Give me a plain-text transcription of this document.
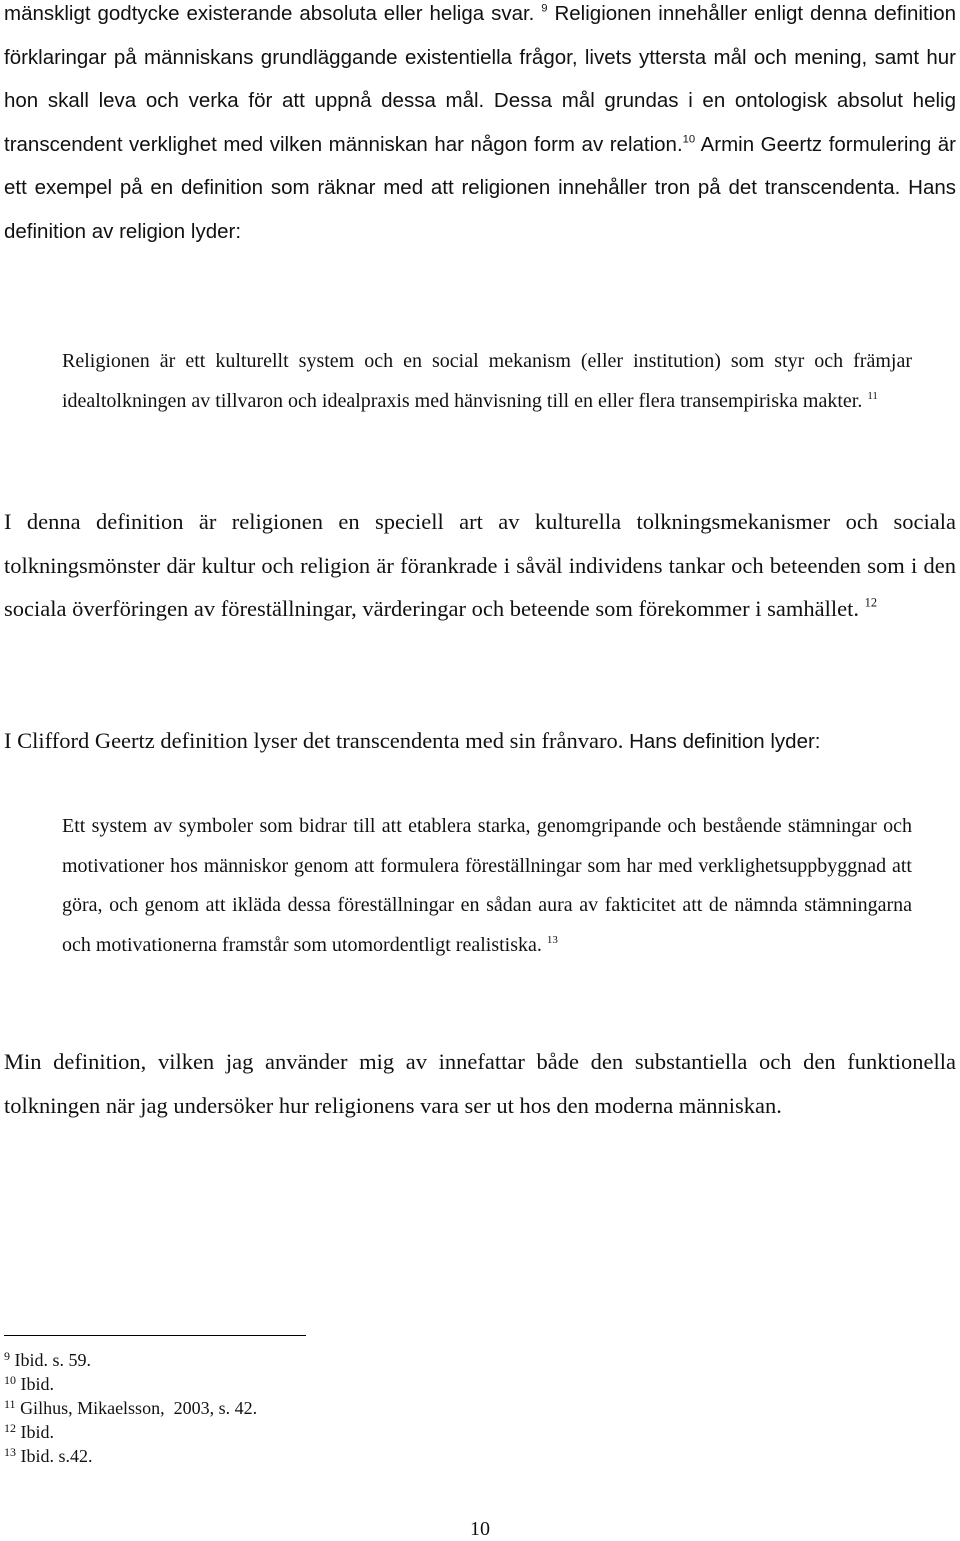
mänskligt godtycke existerande absoluta eller heliga svar. $^9$ Religionen innehåller enligt denna definition förklaringar på människans grundläggande existentiella frågor, livets yttersta mål och mening, samt hur hon skall leva och verka för att uppnå dessa mål. Dessa mål grundas i en ontologisk absolut helig transcendent verklighet med vilken människan har någon form av relation.$^{10}$ Armin Geertz formulering är ett exempel på en definition som räknar med att religionen innehåller tron på det transcendenta. Hans definition av religion lyder:

Religionen är ett kulturellt system och en social mekanism (eller institution) som styr och främjar idealtolkningen av tillvaron och idealpraxis med hänvisning till en eller flera transempiriska makter. $^{11}$

I denna definition är religionen en speciell art av kulturella tolkningsmekanismer och sociala tolkningsmönster där kultur och religion är förankrade i såväl individens tankar och beteenden som i den sociala överföringen av föreställningar, värderingar och beteende som förekommer i samhället. $^{12}$

I Clifford Geertz definition lyser det transcendenta med sin frånvaro. Hans definition lyder:

Ett system av symboler som bidrar till att etablera starka, genomgripande och bestående stämningar och motivationer hos människor genom att formulera föreställningar som har med verklighetsuppbyggnad att göra, och genom att ikläda dessa föreställningar en sådan aura av fakticitet att de nämnda stämningarna och motivationerna framstår som utomordentligt realistiska. $^{13}$

Min definition, vilken jag använder mig av innefattar både den substantiella och den funktionella tolkningen när jag undersöker hur religionens vara ser ut hos den moderna människan.

$^9$ Ibid. s. 59.
$^{10}$ Ibid.
$^{11}$ Gilhus, Mikaelsson,  2003, s. 42.
$^{12}$ Ibid.
$^{13}$ Ibid. s.42.
10
